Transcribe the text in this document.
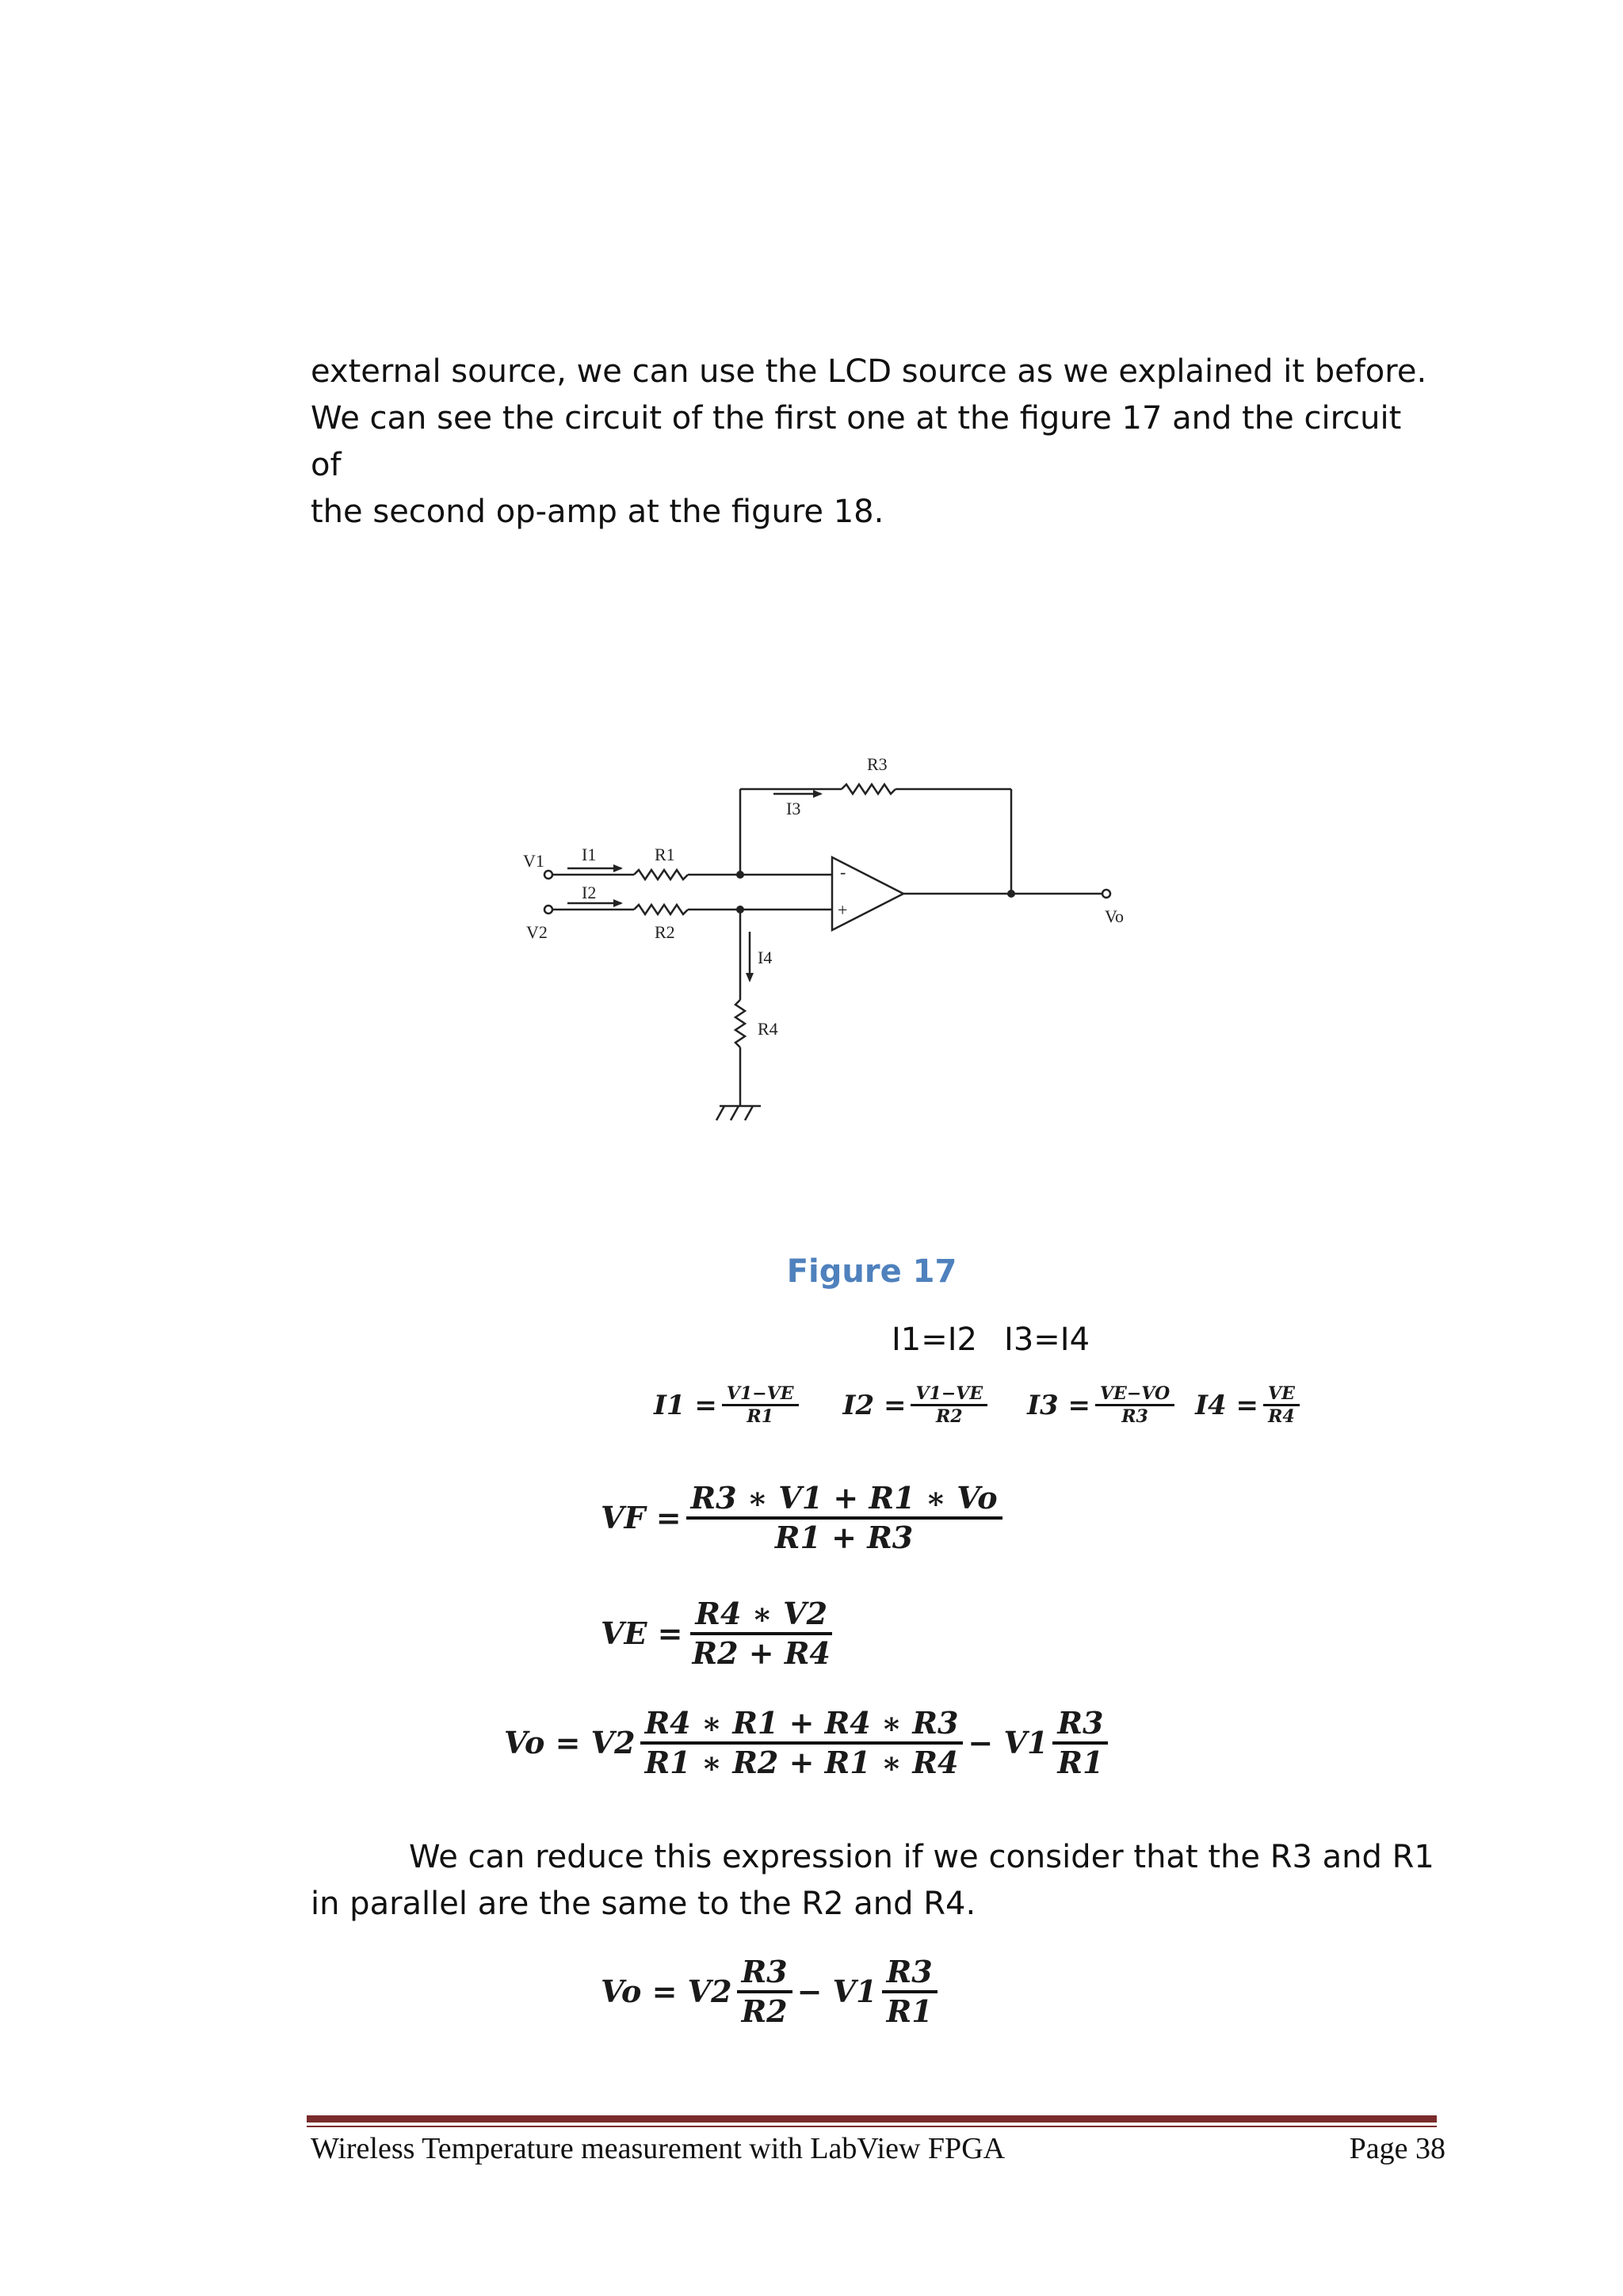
external source, we can use the LCD source as we explained it before.
We can see the circuit of the first one at the figure 17 and the circuit of
the second op-amp at the figure 18.
V1
V2
Vo
I1
I2
I3
I4
R1
R2
R3
R4
-
+
Figure 17
I1=I2 I3=I4
$I1 = \frac{V1-VE}{R1} I2 = \frac{V1-VE}{R2} I3 = \frac{VE-VO}{R3} I4 = \frac{VE}{R4}$
VF = $\frac{R3 ∗ V1 + R1 ∗ Vo}{R1 + R3}$
VE = $\frac{R4 ∗ V2}{R2 + R4}$
$Vo = V2 \frac{R4 ∗ R1 + R4 ∗ R3}{R1 ∗ R2 + R1 ∗ R4} - V1 \frac{R3}{R1}$
We can reduce this expression if we consider that the R3 and R1
in parallel are the same to the R2 and R4.
$Vo = V2 \frac{R3}{R2} - V1 \frac{R3}{R1}$
Wireless Temperature measurement with LabView FPGA	Page 38
